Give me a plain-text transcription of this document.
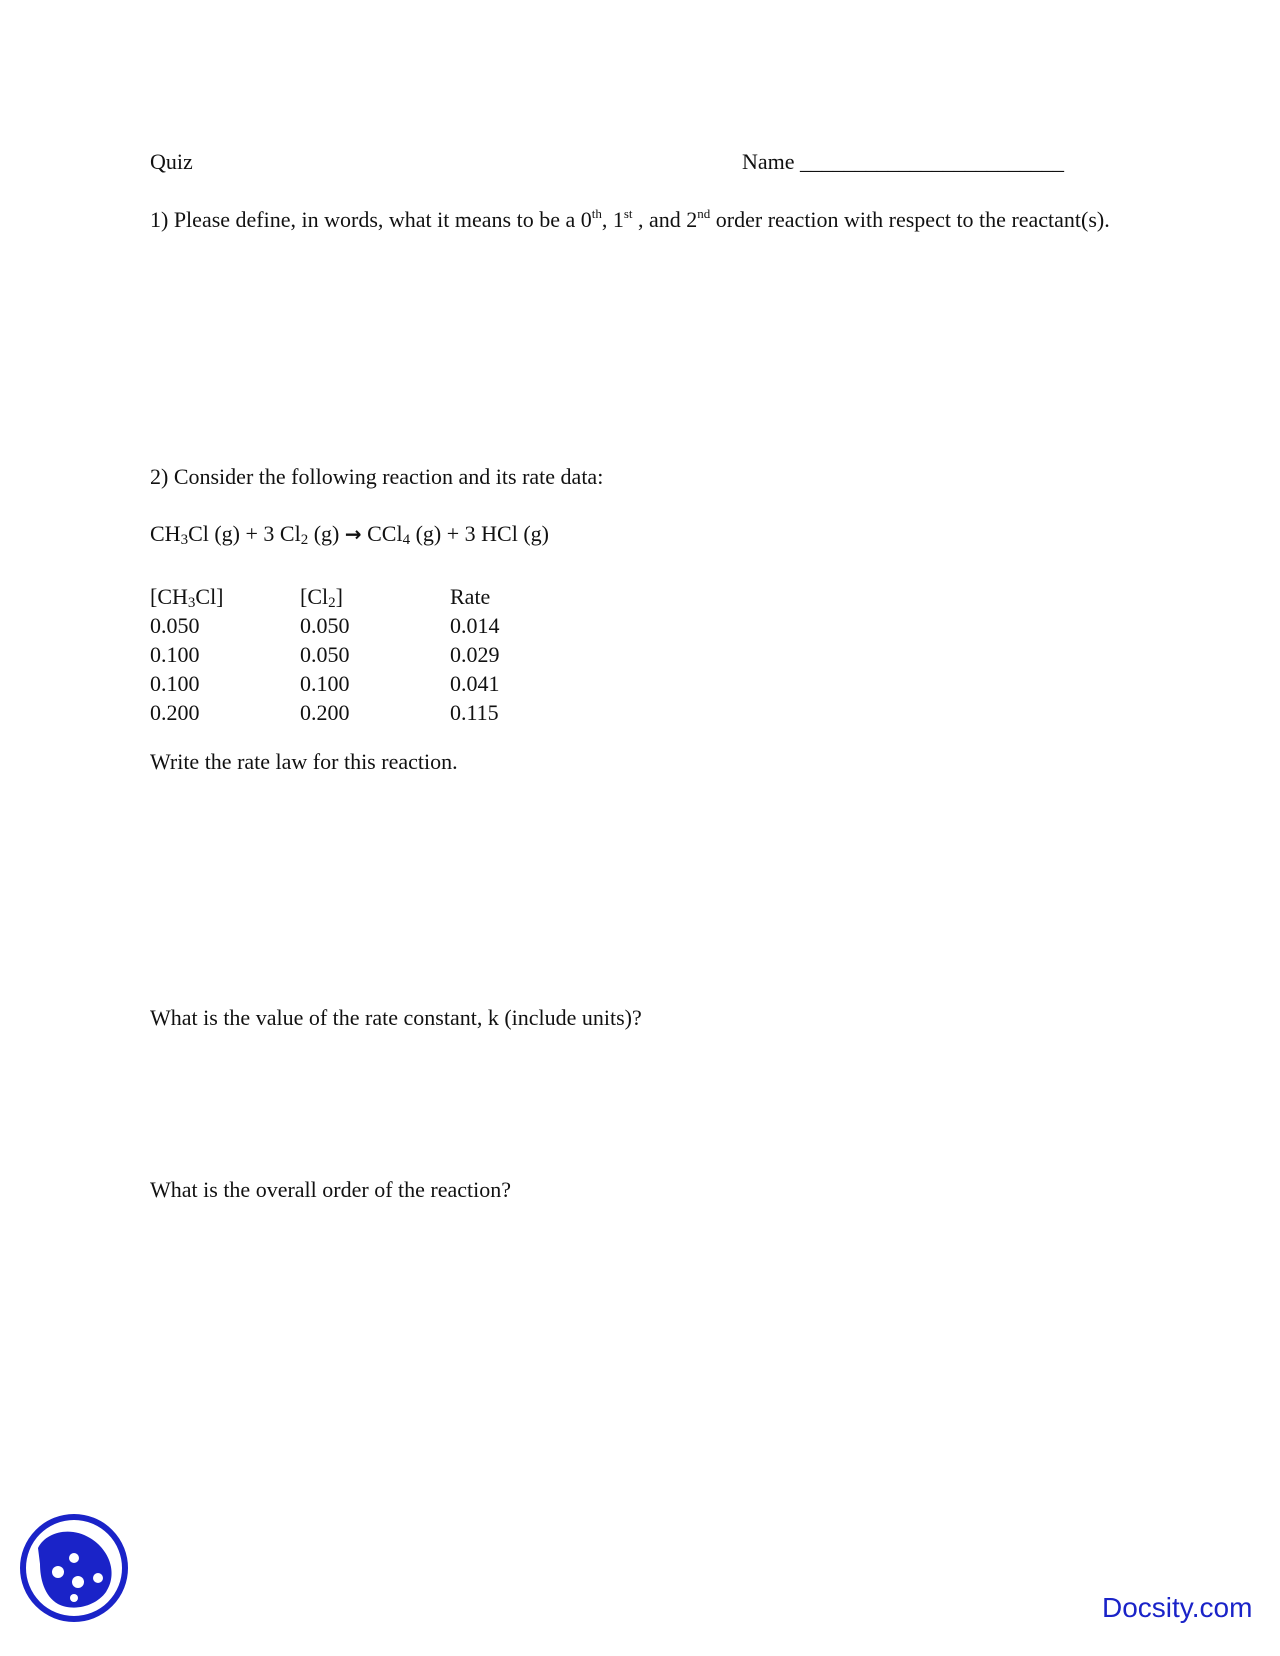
Quiz	Name ________________________
1) Please define, in words, what it means to be a 0th, 1st , and 2nd order reaction with respect to the reactant(s).
2) Consider the following reaction and its rate data:
$CH_3Cl$ (g) + 3 $Cl_2$ (g) → CCl$_4$ (g) + 3 HCl (g)
$[CH_3Cl]$	$[Cl_2]$	Rate
0.050	0.050	0.014
0.100	0.050	0.029
0.100	0.100	0.041
0.200	0.200	0.115
Write the rate law for this reaction.
What is the value of the rate constant, k (include units)?
What is the overall order of the reaction?
Docsity.com
